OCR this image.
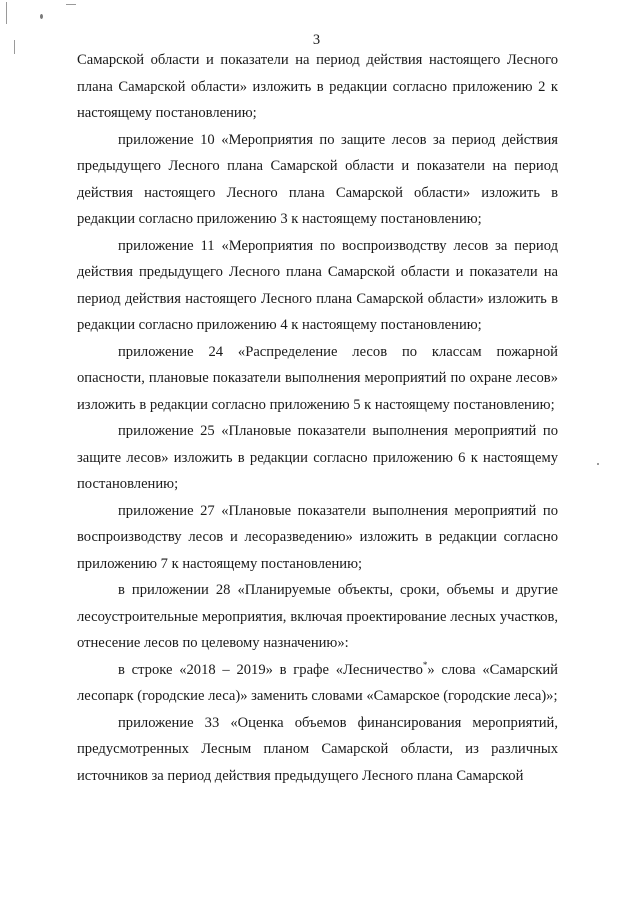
3

Самарской области и показатели на период действия настоящего Лесного плана Самарской области» изложить в редакции согласно приложению 2 к настоящему постановлению;

приложение 10 «Мероприятия по защите лесов за период действия предыдущего Лесного плана Самарской области и показатели на период действия настоящего Лесного плана Самарской области» изложить в редакции согласно приложению 3 к настоящему постановлению;

приложение 11 «Мероприятия по воспроизводству лесов за период действия предыдущего Лесного плана Самарской области и показатели на период действия настоящего Лесного плана Самарской области» изложить в редакции согласно приложению 4 к настоящему постановлению;

приложение 24 «Распределение лесов по классам пожарной опасности, плановые показатели выполнения мероприятий по охране лесов» изложить в редакции согласно приложению 5 к настоящему постановлению;

приложение 25 «Плановые показатели выполнения мероприятий по защите лесов» изложить в редакции согласно приложению 6 к настоящему постановлению;

приложение 27 «Плановые показатели выполнения мероприятий по воспроизводству лесов и лесоразведению» изложить в редакции согласно приложению 7 к настоящему постановлению;

в приложении 28 «Планируемые объекты, сроки, объемы и другие лесоустроительные мероприятия, включая проектирование лесных участков, отнесение лесов по целевому назначению»:

в строке «2018 – 2019» в графе «Лесничество*» слова «Самарский лесопарк (городские леса)» заменить словами «Самарское (городские леса)»;

приложение 33 «Оценка объемов финансирования мероприятий, предусмотренных Лесным планом Самарской области, из различных источников за период действия предыдущего Лесного плана Самарской
